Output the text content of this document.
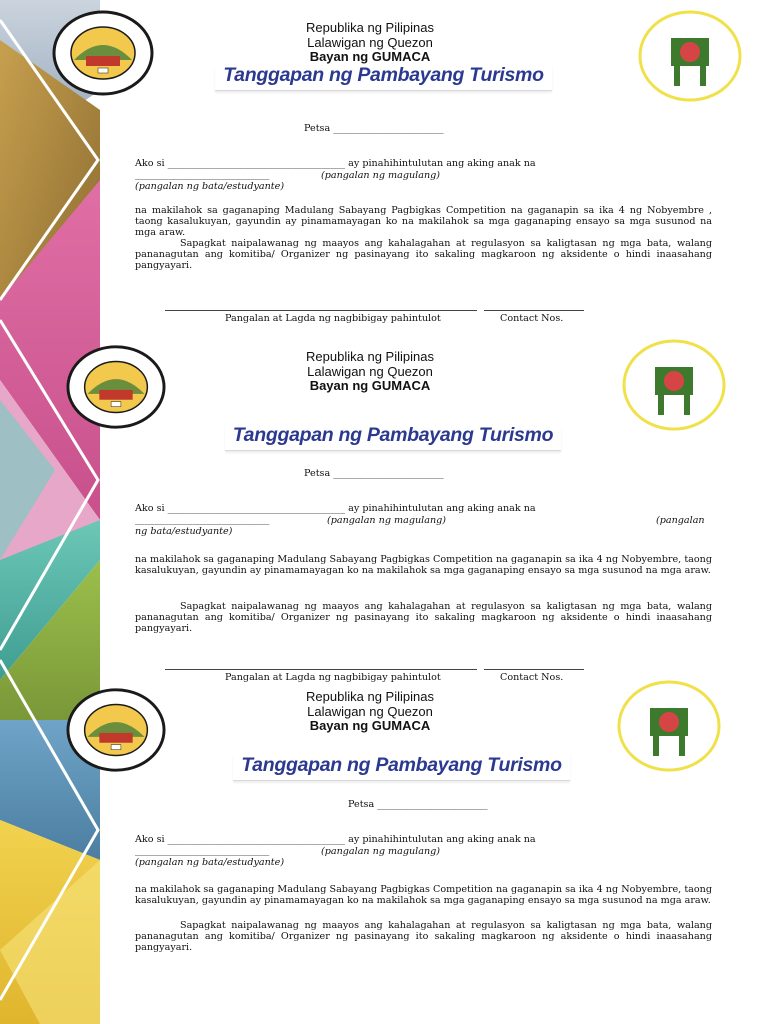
Republika ng Pilipinas
Lalawigan ng Quezon
Bayan ng GUMACA
Tanggapan ng Pambayang Turismo
Petsa _______________________
Ako si _____________________________________ ay pinahihintulutan ang aking anak na
____________________________	(pangalan ng magulang)
(pangalan ng bata/estudyante)
na makilahok sa gaganaping Madulang Sabayang Pagbigkas Competition na gaganapin sa ika 4 ng Nobyembre , taong kasalukuyan, gayundin ay pinamamayagan ko na makilahok sa mga gaganaping ensayo sa mga susunod na mga araw.
Sapagkat naipalawanag ng maayos ang kahalagahan at regulasyon sa kaligtasan ng mga bata, walang pananagutan ang komitiba/ Organizer ng pasinayang ito sakaling magkaroon ng aksidente o hindi inaasahang pangyayari.
Pangalan at Lagda ng nagbibigay pahintulot	Contact Nos.
Republika ng Pilipinas
Lalawigan ng Quezon
Bayan ng GUMACA
Tanggapan ng Pambayang Turismo
Petsa _______________________
Ako si _____________________________________ ay pinahihintulutan ang aking anak na
____________________________	(pangalan ng magulang)	(pangalan
ng bata/estudyante)
na makilahok sa gaganaping Madulang Sabayang Pagbigkas Competition na gaganapin sa ika 4 ng Nobyembre, taong kasalukuyan, gayundin ay pinamamayagan ko na makilahok sa mga gaganaping ensayo sa mga susunod na mga araw.
Sapagkat naipalawanag ng maayos ang kahalagahan at regulasyon sa kaligtasan ng mga bata, walang pananagutan ang komitiba/ Organizer ng pasinayang ito sakaling magkaroon ng aksidente o hindi inaasahang pangyayari.
Pangalan at Lagda ng nagbibigay pahintulot	Contact Nos.
Republika ng Pilipinas
Lalawigan ng Quezon
Bayan ng GUMACA
Tanggapan ng Pambayang Turismo
Petsa _______________________
Ako si _____________________________________ ay pinahihintulutan ang aking anak na
____________________________	(pangalan ng magulang)
(pangalan ng bata/estudyante)
na makilahok sa gaganaping Madulang Sabayang Pagbigkas Competition na gaganapin sa ika 4 ng Nobyembre, taong kasalukuyan, gayundin ay pinamamayagan ko na makilahok sa mga gaganaping ensayo sa mga susunod na mga araw.
Sapagkat naipalawanag ng maayos ang kahalagahan at regulasyon sa kaligtasan ng mga bata, walang pananagutan ang komitiba/ Organizer ng pasinayang ito sakaling magkaroon ng aksidente o hindi inaasahang pangyayari.
